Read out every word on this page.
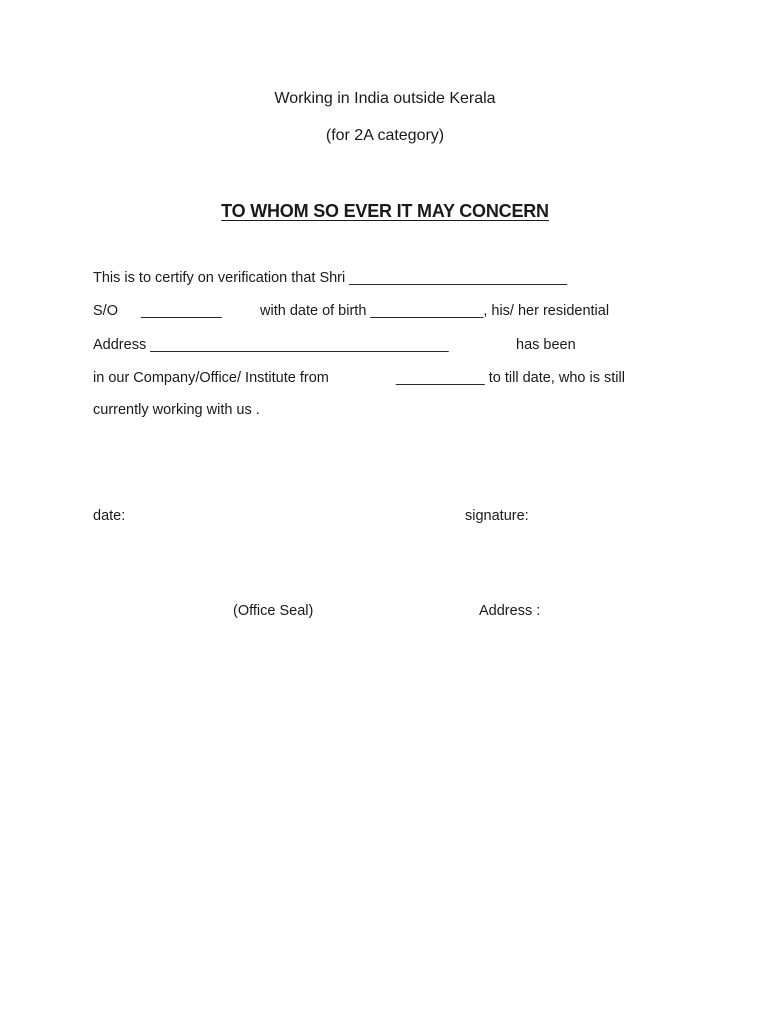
Working in India outside Kerala
(for 2A category)
TO WHOM SO EVER IT MAY CONCERN
This is to certify on verification that Shri ___________________________
S/O __________	with date of birth ______________, his/ her residential
Address _____________________________________	has been
in our Company/Office/ Institute from	___________ to till date, who is still
currently working with us .
date:	signature:
(Office Seal)	Address :
